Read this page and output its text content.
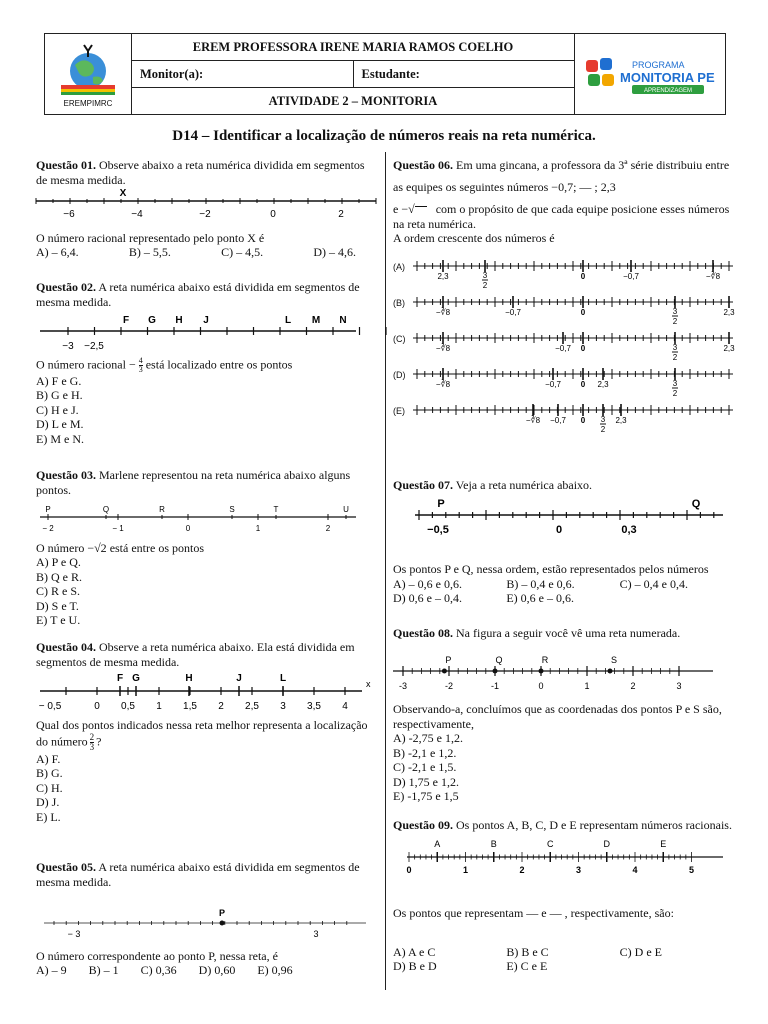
EREMPIMRC
EREM PROFESSORA IRENE MARIA RAMOS COELHO
Monitor(a):	Estudante:
ATIVIDADE 2 – MONITORIA
PROGRAMA
MONITORIA PE
APRENDIZAGEM
D14 – Identificar a localização de números reais na reta numérica.

Questão 01. Observe abaixo a reta numérica dividida em segmentos de mesma medida.

X
−6	−4	−2	0	2

O número racional representado pelo ponto X é

A) – 6,4.	B) – 5,5.	C) – 4,5.	D) – 4,6.

Questão 02. A reta numérica abaixo está dividida em segmentos de mesma medida.

F G H J	L M N
−3 −2,5

O número racional − $\frac{4}{3}$ está localizado entre os pontos

A) F e G.
B) G e H.
C) H e J.
D) L e M.
E) M e N.

Questão 03. Marlene representou na reta numérica abaixo alguns pontos.

P	Q	R	S	T	U
− 2	− 1	0	1	2

O número −√2 está entre os pontos

A) P e Q.
B) Q e R.
C) R e S.
D) S e T.
E) T e U.

Questão 04. Observe a reta numérica abaixo. Ela está dividida em segmentos de mesma medida.

− 0,5	0 0,5 1 1,5 2 2,5 3 3,5 4
F G	H	J	L	x

Qual dos pontos indicados nessa reta melhor representa a localização do número $\frac{2}{3}$ ?

A) F.
B) G.
C) H.
D) J.
E) L.

Questão 05. A reta numérica abaixo está dividida em segmentos de mesma medida.

P
− 3	3

O número correspondente ao ponto P, nessa reta, é

A) – 9 B) – 1 C) 0,36 D) 0,60 E) 0,96

Questão 06. Em uma gincana, a professora da 3ª série distribuiu entre as equipes os seguintes números −0,7; — ; 2,3

e −√ com o propósito de que cada equipe posicione esses números na reta numérica.

A ordem crescente dos números é

(A)
2,3	3
2
0	−0,7	−∛8
(B)
−∛8	−0,7	0	3
2
2,3
(C)
−∛8	−0,7 0	3
2
2,3
(D)
−∛8	−0,7 0 2,3	3
2
(E)
−∛8 −0,7 0 3
2
2,3

Questão 07. Veja a reta numérica abaixo.

P	Q
−0,5	0	0,3

Os pontos P e Q, nessa ordem, estão representados pelos números

A) – 0,6 e 0,6.	B) – 0,4 e 0,6.	C) – 0,4 e 0,4.
D) 0,6 e – 0,4.	E) 0,6 e – 0,6.

Questão 08. Na figura a seguir você vê uma reta numerada.

-3	-2	-1	0	1	2	3
P	Q	R	S

Observando-a, concluímos que as coordenadas dos pontos P e S são, respectivamente,

A) -2,75 e 1,2.
B) -2,1 e 1,2.
C) -2,1 e 1,5.
D) 1,75 e 1,2.
E) -1,75 e 1,5

Questão 09. Os pontos A, B, C, D e E representam números racionais.

0	1	2	3	4	5
A	B	C	D	E

Os pontos que representam — e — , respectivamente, são:

A) A e C	B) B e C	C) D e E
D) B e D	E) C e E
